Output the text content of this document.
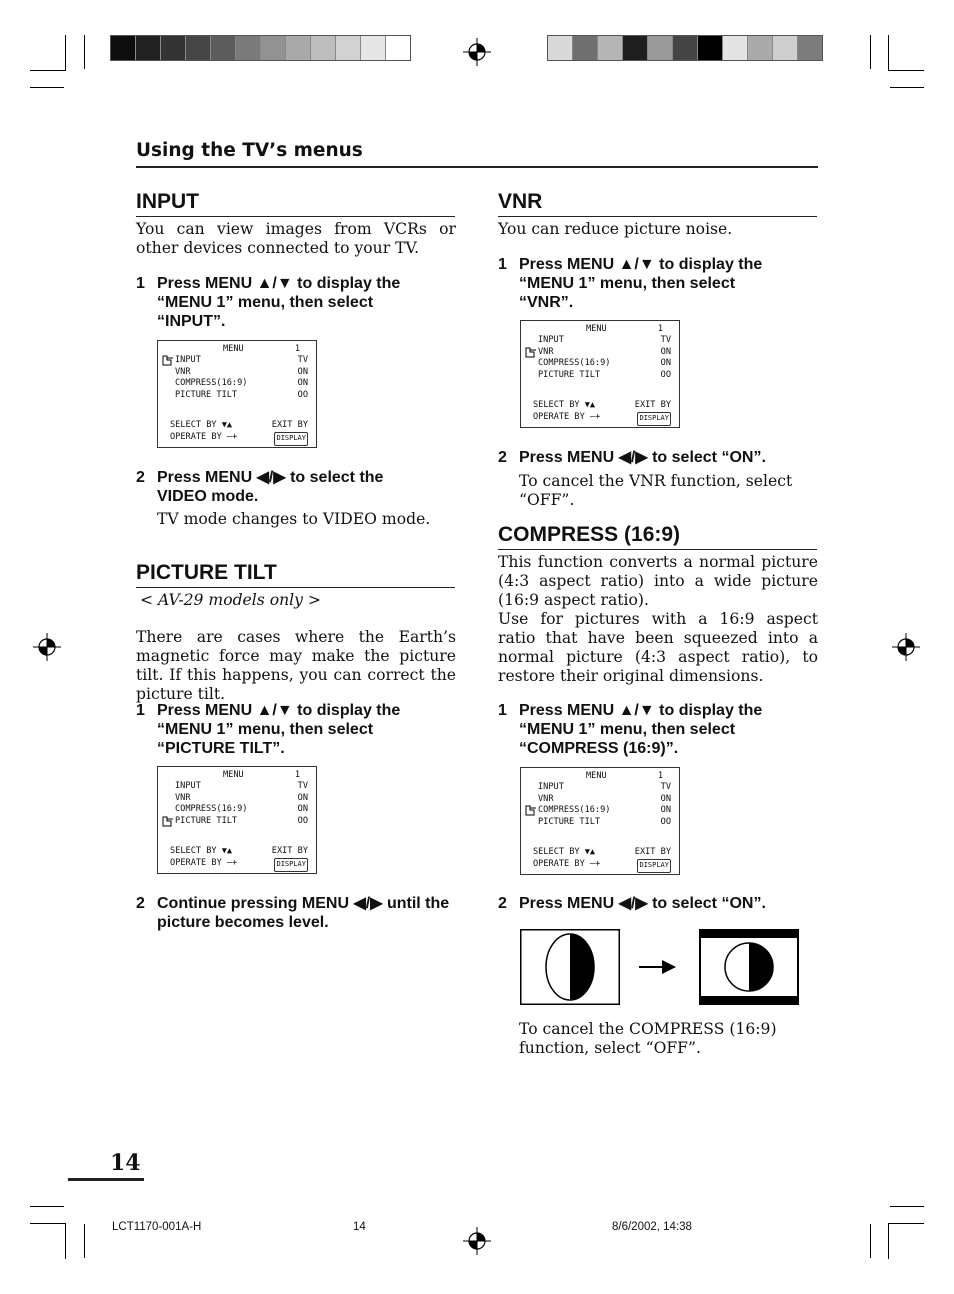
Using the TV’s menus
INPUT
You can view images from VCRs or other devices connected to your TV.
1 Press MENU ▲/▼ to display the “MENU 1” menu, then select “INPUT”.
MENU	1
INPUT	TV
VNR	ON
COMPRESS(16:9)	ON
PICTURE TILT	OO
SELECT BY ▼▲	EXIT BY
OPERATE BY –+	DISPLAY
2 Press MENU ◀/▶ to select the VIDEO mode.
TV mode changes to VIDEO mode.
PICTURE TILT
< AV-29 models only >
There are cases where the Earth’s magnetic force may make the picture tilt. If this happens, you can correct the picture tilt.
1 Press MENU ▲/▼ to display the “MENU 1” menu, then select “PICTURE TILT”.
MENU	1
INPUT	TV
VNR	ON
COMPRESS(16:9)	ON
PICTURE TILT	OO
SELECT BY ▼▲	EXIT BY
OPERATE BY –+	DISPLAY
2 Continue pressing MENU ◀/▶ until the picture becomes level.
VNR
You can reduce picture noise.
1 Press MENU ▲/▼ to display the “MENU 1” menu, then select “VNR”.
MENU	1
INPUT	TV
VNR	ON
COMPRESS(16:9)	ON
PICTURE TILT	OO
SELECT BY ▼▲	EXIT BY
OPERATE BY –+	DISPLAY
2 Press MENU ◀/▶ to select “ON”.
To cancel the VNR function, select “OFF”.
COMPRESS (16:9)
This function converts a normal picture (4:3 aspect ratio) into a wide picture (16:9 aspect ratio).
Use for pictures with a 16:9 aspect ratio that have been squeezed into a normal picture (4:3 aspect ratio), to restore their original dimensions.
1 Press MENU ▲/▼ to display the “MENU 1” menu, then select “COMPRESS (16:9)”.
MENU	1
INPUT	TV
VNR	ON
COMPRESS(16:9)	ON
PICTURE TILT	OO
SELECT BY ▼▲	EXIT BY
OPERATE BY –+	DISPLAY
2 Press MENU ◀/▶ to select “ON”.
To cancel the COMPRESS (16:9) function, select “OFF”.
14
LCT1170-001A-H	14	8/6/2002, 14:38
